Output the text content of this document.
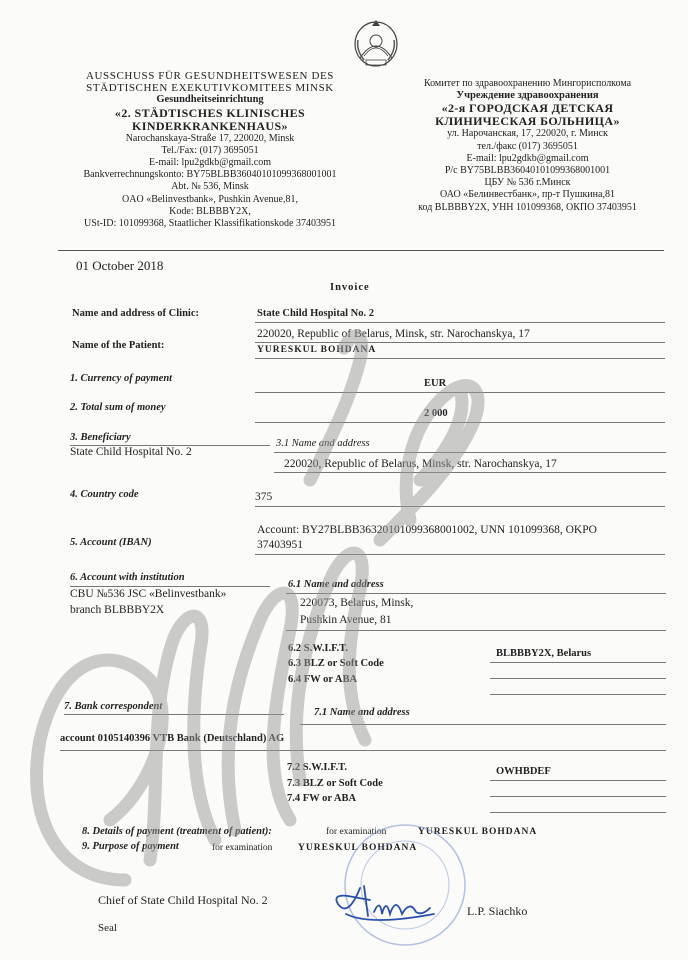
AUSSCHUSS FÜR GESUNDHEITSWESEN DES
STÄDTISCHEN EXEKUTIVKOMITEES MINSK
Gesundheitseinrichtung
«2. STÄDTISCHES KLINISCHES
KINDERKRANKENHAUS»
Narochanskaya-Straße 17, 220020, Minsk
Tel./Fax: (017) 3695051
E-mail: lpu2gdkb@gmail.com
Bankverrechnungskonto: BY75BLBB36040101099368001001
Abt. № 536, Minsk
OAO «Belinvestbank», Pushkin Avenue,81,
Kode: BLBBBY2X,
USt-ID: 101099368, Staatlicher Klassifikationskode 37403951
Комитет по здравоохранению Мингорисполкома
Учреждение здравоохранения
«2-я ГОРОДСКАЯ ДЕТСКАЯ
КЛИНИЧЕСКАЯ БОЛЬНИЦА»
ул. Нарочанская, 17, 220020, г. Минск
тел./факс (017) 3695051
E-mail: lpu2gdkb@gmail.com
Р/с BY75BLBB36040101099368001001
ЦБУ № 536 г.Минск
ОАО «Белинвестбанк», пр-т Пушкина,81
код BLBBBY2X, УНН 101099368, ОКПО 37403951
01 October 2018
Invoice
Name and address of Clinic:	State Child Hospital No. 2
220020, Republic of Belarus, Minsk, str. Narochanskya, 17
Name of the Patient:	YURESKUL BOHDANA
1. Currency of payment	EUR
2. Total sum of money
2 000
3. Beneficiary
State Child Hospital No. 2
3.1 Name and address
220020, Republic of Belarus, Minsk, str. Narochanskya, 17
4. Country code	375
Account: BY27BLBB36320101099368001002, UNN 101099368, OKPO
5. Account (IBAN)	37403951
6. Account with institution
CBU №536 JSC «Belinvestbank»
branch BLBBBY2X
6.1 Name and address
220073, Belarus, Minsk,
Pushkin Avenue, 81
6.2 S.W.I.F.T.	BLBBBY2X, Belarus
6.3 BLZ or Soft Code
6.4 FW or ABA
7. Bank correspondent
7.1 Name and address
account 0105140396 VTB Bank (Deutschland) AG
7.2 S.W.I.F.T.	OWHBDEF
7.3 BLZ or Soft Code
7.4 FW or ABA
8. Details of payment (treatment of patient):	for examination	YURESKUL BOHDANA
9. Purpose of payment	for examination	YURESKUL BOHDANA
Chief of State Child Hospital No. 2
L.P. Siachko
Seal
